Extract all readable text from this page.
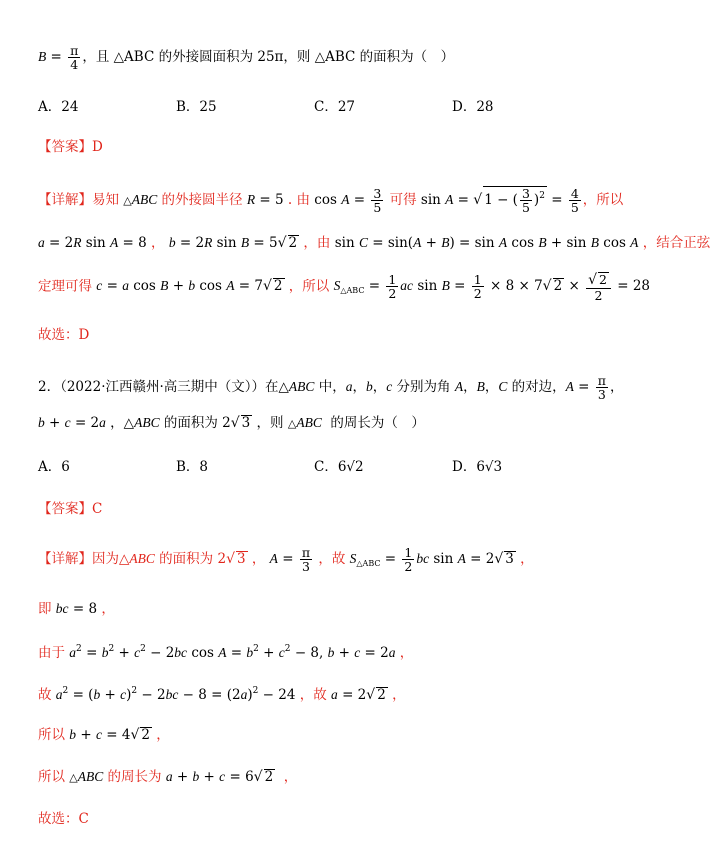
$B = \frac{\pi}{4}$ ，且 △ABC 的外接圆面积为 25π，则 △ABC 的面积为（　）
A．24	B．25	C．27	D．28
【答案】D
【详解】易知 △ABC 的外接圆半径 R = 5 . 由 $\cos A = \frac{3}{5}$ 可得 sin A = √ 1 − ( $\frac{3}{5} )^2 = \frac{4}{5}$ ，所以
a = 2R sin A = 8 ， b = 2R sin B = 5√ 2 ，由 sin C = sin(A + B) = sin A cos B + sin B cos A ，结合正弦
定理可得 c = a cos B + b cos A = 7√ 2 ，所以 $S_{\triangle ABC} = \frac{1}{2}$ ac $\sin B = \frac{1}{2} \times 8 \times 7√$ $2 \times \frac{√ 2}{2} = 28$
故选：D
2．（2022·江西赣州·高三期中（文））在△ABC 中，a，b，c 分别为角 A，B，C 的对边，$A = \frac{\pi}{3}$ ，
b + c = 2a ，△ABC 的面积为 2√ 3 ，则 △ABC  的周长为（　）
A．6	B．8	C．6√2	D．6√3
【答案】C
【详解】因为△ABC 的面积为 2√ 3 ， $A = \frac{\pi}{3}$ ，故 $S_{\triangle ABC} = \frac{1}{2}$ bc sin A = 2√ 3 ，
即 bc = 8 ，
由于 $a^2 = b^2 + c^2 - 2bc$ $\cos A = b^2 + c^2 - 8$, b + c = 2a ，
故 $a^2 = (b + c)^2 - 2bc - 8 = (2a)^2 - 24$ ，故 a = 2√ 2 ，
所以 b + c = 4√ 2 ，
所以 △ABC 的周长为 a + b + c = 6√ 2  ，
故选：C
